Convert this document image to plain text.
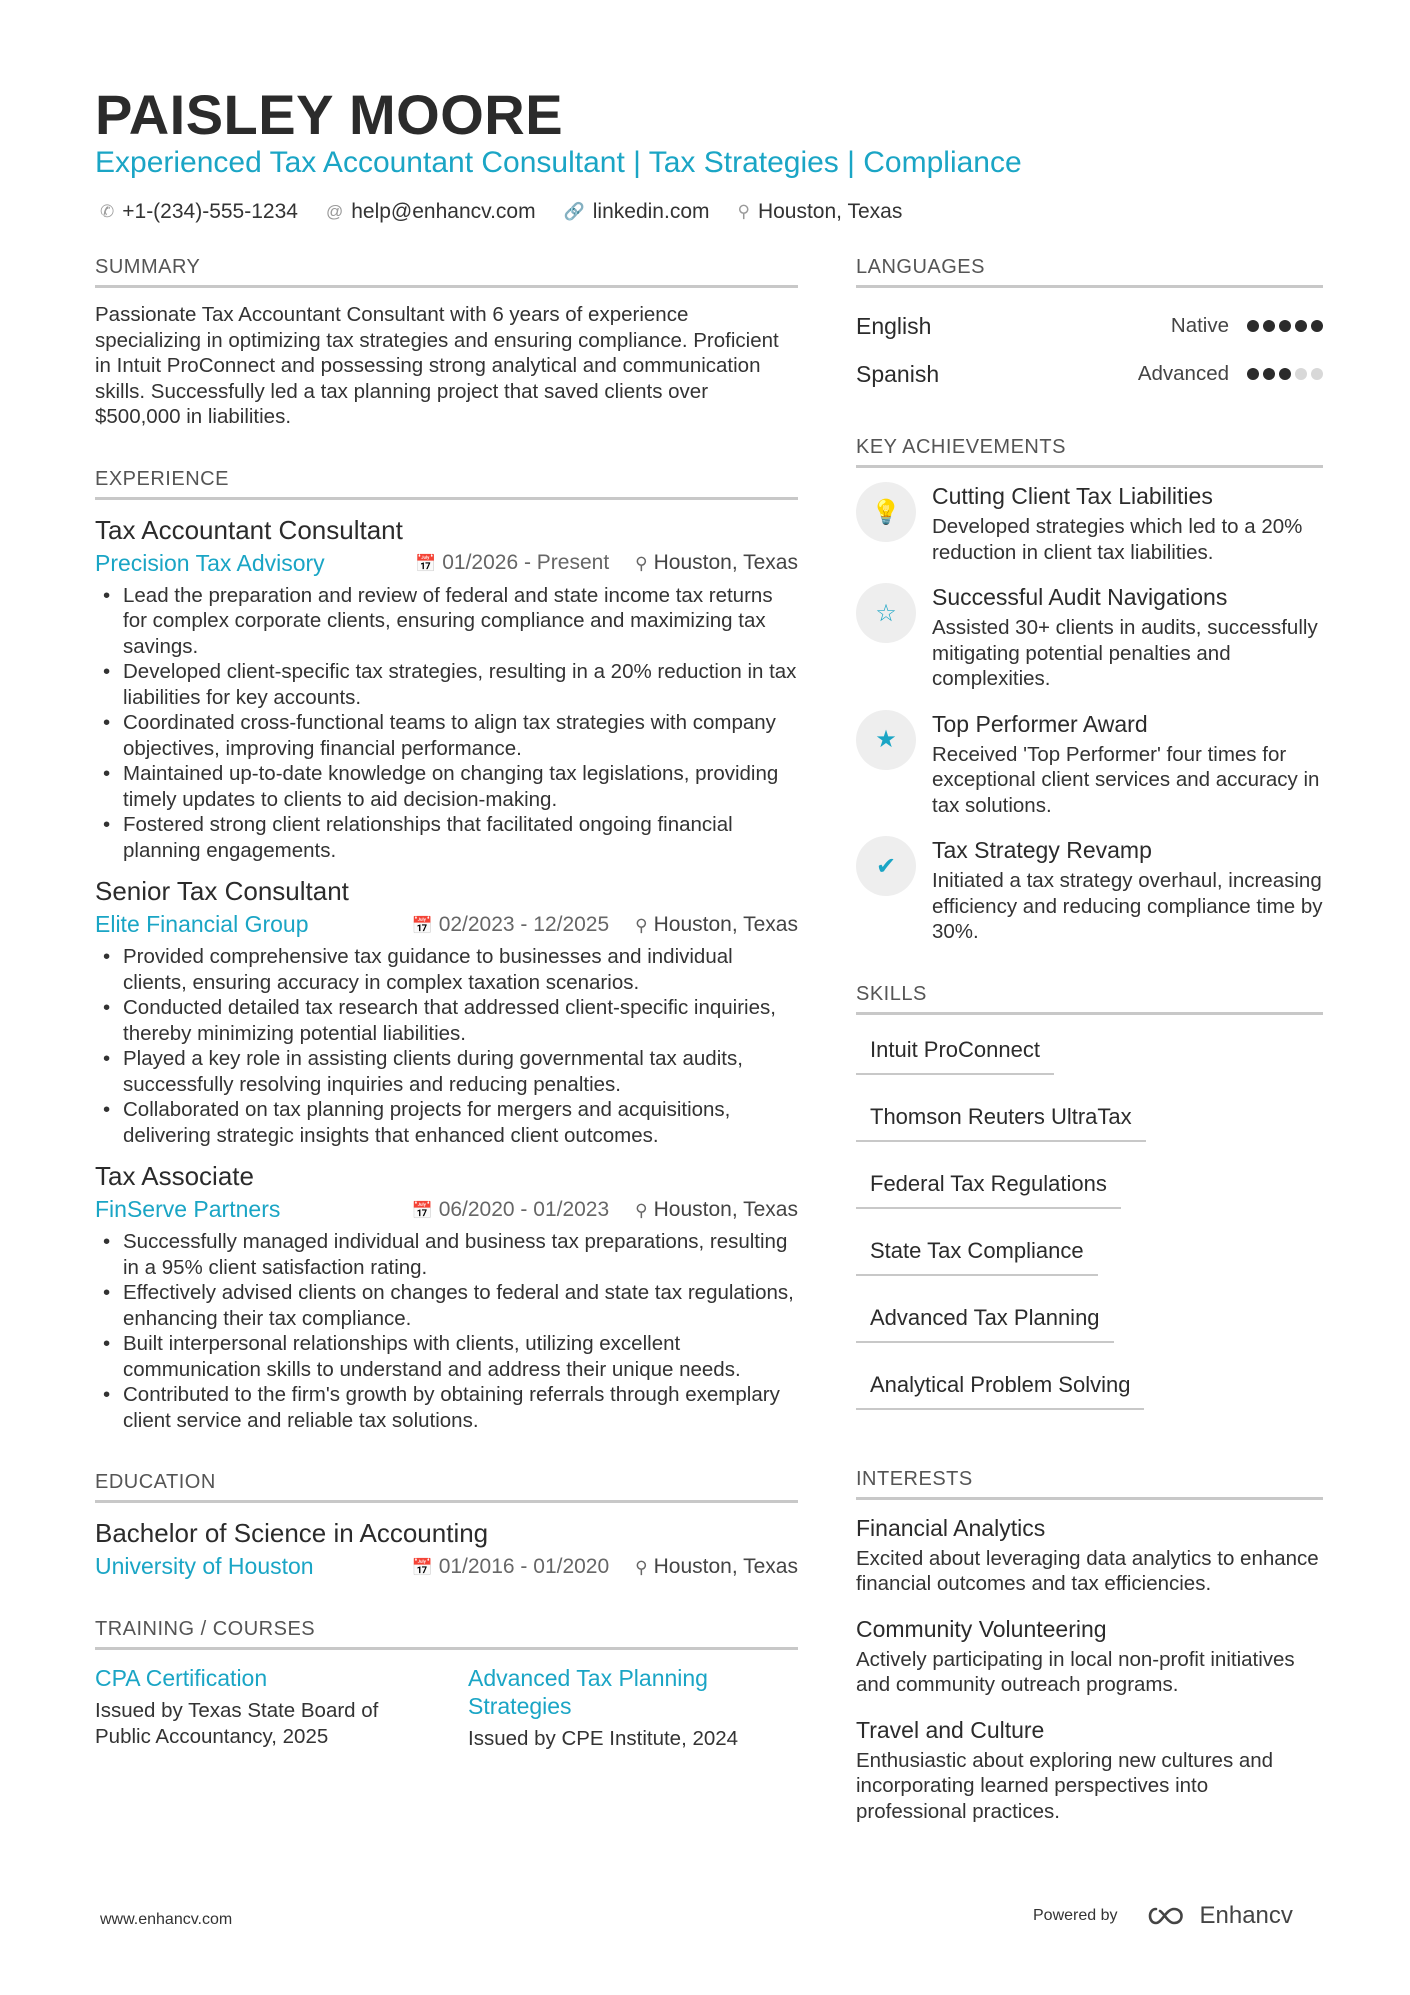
PAISLEY MOORE
Experienced Tax Accountant Consultant | Tax Strategies | Compliance
✆ +1-(234)-555-1234 @ help@enhancv.com 🔗 linkedin.com ⚲ Houston, Texas
SUMMARY
Passionate Tax Accountant Consultant with 6 years of experience specializing in optimizing tax strategies and ensuring compliance. Proficient in Intuit ProConnect and possessing strong analytical and communication skills. Successfully led a tax planning project that saved clients over $500,000 in liabilities.
EXPERIENCE
Tax Accountant Consultant
Precision Tax Advisory	📅 01/2026 - Present ⚲ Houston, Texas
• Lead the preparation and review of federal and state income tax returns for complex corporate clients, ensuring compliance and maximizing tax savings.
• Developed client-specific tax strategies, resulting in a 20% reduction in tax liabilities for key accounts.
• Coordinated cross-functional teams to align tax strategies with company objectives, improving financial performance.
• Maintained up-to-date knowledge on changing tax legislations, providing timely updates to clients to aid decision-making.
• Fostered strong client relationships that facilitated ongoing financial planning engagements.
Senior Tax Consultant
Elite Financial Group	📅 02/2023 - 12/2025 ⚲ Houston, Texas
• Provided comprehensive tax guidance to businesses and individual clients, ensuring accuracy in complex taxation scenarios.
• Conducted detailed tax research that addressed client-specific inquiries, thereby minimizing potential liabilities.
• Played a key role in assisting clients during governmental tax audits, successfully resolving inquiries and reducing penalties.
• Collaborated on tax planning projects for mergers and acquisitions, delivering strategic insights that enhanced client outcomes.
Tax Associate
FinServe Partners	📅 06/2020 - 01/2023 ⚲ Houston, Texas
• Successfully managed individual and business tax preparations, resulting in a 95% client satisfaction rating.
• Effectively advised clients on changes to federal and state tax regulations, enhancing their tax compliance.
• Built interpersonal relationships with clients, utilizing excellent communication skills to understand and address their unique needs.
• Contributed to the firm's growth by obtaining referrals through exemplary client service and reliable tax solutions.
EDUCATION
Bachelor of Science in Accounting
University of Houston	📅 01/2016 - 01/2020 ⚲ Houston, Texas
TRAINING / COURSES
CPA Certification
Issued by Texas State Board of Public Accountancy, 2025
Advanced Tax Planning Strategies
Issued by CPE Institute, 2024
LANGUAGES
English	Native
Spanish	Advanced
KEY ACHIEVEMENTS
💡
Cutting Client Tax Liabilities
Developed strategies which led to a 20% reduction in client tax liabilities.
☆
Successful Audit Navigations
Assisted 30+ clients in audits, successfully mitigating potential penalties and complexities.
★
Top Performer Award
Received 'Top Performer' four times for exceptional client services and accuracy in tax solutions.
✔
Tax Strategy Revamp
Initiated a tax strategy overhaul, increasing efficiency and reducing compliance time by 30%.
SKILLS
Intuit ProConnect
Thomson Reuters UltraTax
Federal Tax Regulations
State Tax Compliance
Advanced Tax Planning
Analytical Problem Solving
INTERESTS
Financial Analytics
Excited about leveraging data analytics to enhance financial outcomes and tax efficiencies.
Community Volunteering
Actively participating in local non-profit initiatives and community outreach programs.
Travel and Culture
Enthusiastic about exploring new cultures and incorporating learned perspectives into professional practices.
www.enhancv.com	Powered by	Enhancv
